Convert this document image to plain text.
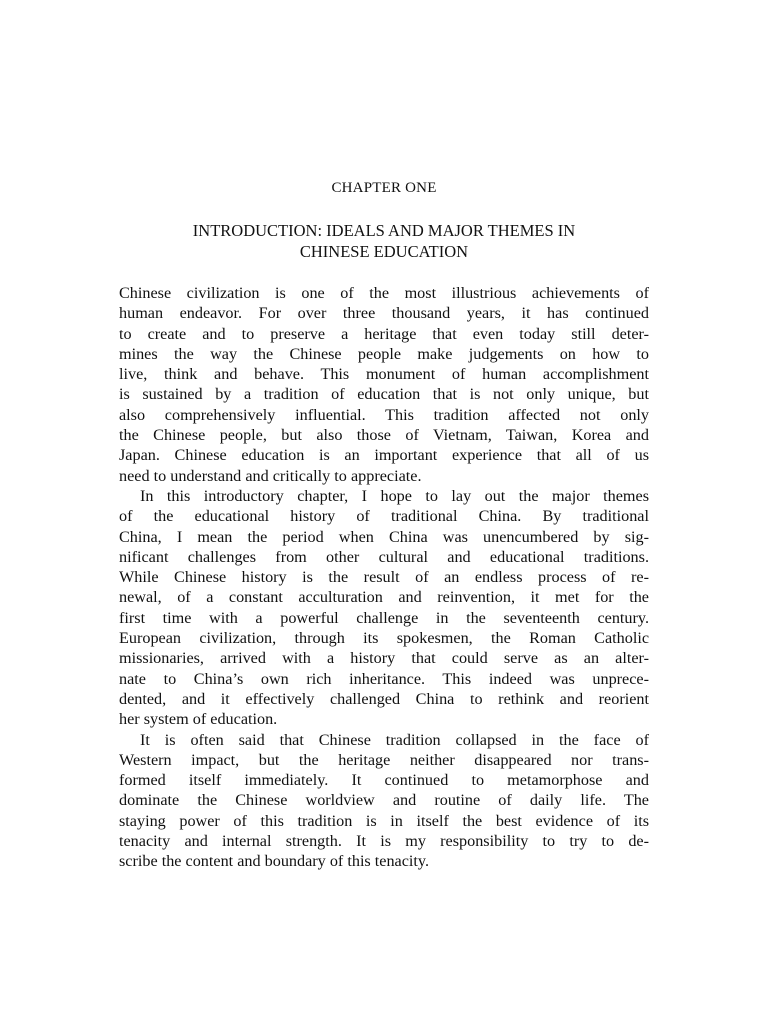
CHAPTER ONE
INTRODUCTION: IDEALS AND MAJOR THEMES IN
CHINESE EDUCATION
Chinese civilization is one of the most illustrious achievements of
human endeavor. For over three thousand years, it has continued
to create and to preserve a heritage that even today still deter-
mines the way the Chinese people make judgements on how to
live, think and behave. This monument of human accomplishment
is sustained by a tradition of education that is not only unique, but
also comprehensively influential. This tradition affected not only
the Chinese people, but also those of Vietnam, Taiwan, Korea and
Japan. Chinese education is an important experience that all of us
need to understand and critically to appreciate.
In this introductory chapter, I hope to lay out the major themes
of the educational history of traditional China. By traditional
China, I mean the period when China was unencumbered by sig-
nificant challenges from other cultural and educational traditions.
While Chinese history is the result of an endless process of re-
newal, of a constant acculturation and reinvention, it met for the
first time with a powerful challenge in the seventeenth century.
European civilization, through its spokesmen, the Roman Catholic
missionaries, arrived with a history that could serve as an alter-
nate to China’s own rich inheritance. This indeed was unprece-
dented, and it effectively challenged China to rethink and reorient
her system of education.
It is often said that Chinese tradition collapsed in the face of
Western impact, but the heritage neither disappeared nor trans-
formed itself immediately. It continued to metamorphose and
dominate the Chinese worldview and routine of daily life. The
staying power of this tradition is in itself the best evidence of its
tenacity and internal strength. It is my responsibility to try to de-
scribe the content and boundary of this tenacity.
